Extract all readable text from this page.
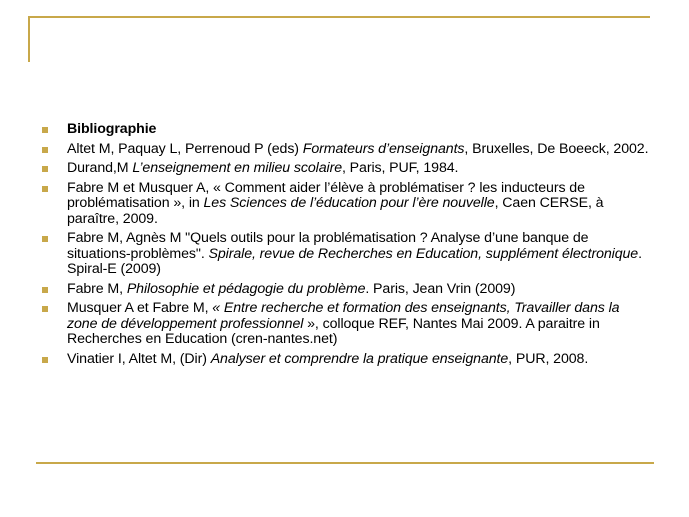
Bibliographie
Altet M, Paquay L, Perrenoud P (eds) Formateurs d’enseignants, Bruxelles, De Boeeck, 2002.
Durand,M L’enseignement en milieu scolaire, Paris, PUF, 1984.
Fabre M et Musquer A, « Comment aider l’élève à problématiser ? les inducteurs de problématisation », in Les Sciences de l’éducation pour l’ère nouvelle, Caen CERSE, à paraître, 2009.
Fabre M, Agnès M "Quels outils pour la problématisation ? Analyse d’une banque de situations-problèmes". Spirale, revue de Recherches en Education, supplément électronique. Spiral-E (2009)
Fabre M, Philosophie et pédagogie du problème. Paris, Jean Vrin (2009)
Musquer A et Fabre M, « Entre recherche et formation des enseignants, Travailler dans la zone de développement professionnel », colloque REF, Nantes Mai 2009. A paraitre in Recherches en Education (cren-nantes.net)
Vinatier I, Altet M, (Dir) Analyser et comprendre la pratique enseignante, PUR, 2008.
